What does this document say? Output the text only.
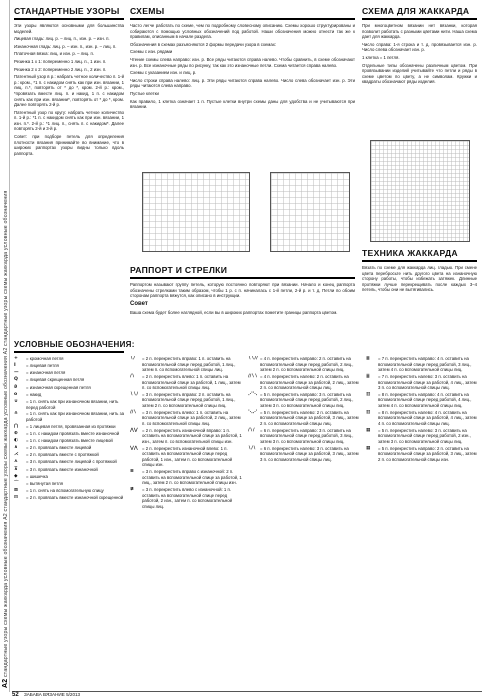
A2 стандартные узоры схемы жаккарда условные обозначения A2 стандартные узоры схемы жаккарда условные обозначения A2 стандартные узоры схемы жаккарда условные обозначения
СТАНДАРТНЫЕ УЗОРЫ

Эти узоры являются основными для большинства моделей.

Лицевая гладь: лиц. р. – лиц. п., изн. р. – изн. п.

Изнаночная гладь: лиц. р. – изн. п., изн. р. – лиц. п.

Платочная вязка: лиц. и изн. р. – лиц. п.

Резинка 1 х 1: попеременно 1 лиц. п., 1 изн. п.

Резинка 2 х 2: попеременно 2 лиц. п., 2 изн. п.

Патентный узор в р.: набрать четное количество п. 1-й р.: кром., *1 п. с накидом снять как при изн. вязании, 1 лиц. п.*, повторять от * до *, кром. 2-й р.: кром., *провязать вместе лиц. п. и накид, 1 п. с накидом снять как при изн. вязании*, повторять от * до *, кром. Далее повторять 2-й р.

Патентный узор по кругу: набрать четное количество п. 1-й р.: *1 п. с накидом снять как при изн. вязании, 1 изн. п.*. 2-й р.: *1 лиц. п., снять п. с накидом*. Далее повторять 2-й и 3-й р.

Совет: при подборе петель для определения плотности вязания принимайте во внимание, что в широких раппортах узоры видны только вдоль раппорта.

СХЕМЫ

Часто легче работать по схеме, чем по подробному словесному описанию. Схемы хорошо структурированы и собираются с помощью условных обозначений под работой. Наши обозначения можно отнести так же к правилам, описанным в начале раздела.

Обозначения в схемах разъясняются 2 формы передачи узора в схемах:

Схемы с изн. рядами

Чтение схемы слева направо: изн. р. Все ряды читаются справа налево. Чтобы сравнить, в схеме обозначают изн. р. Все изнаночные ряды по рисунку, так как это изнаночные петли. Схема читается справа налево.

Схемы с указанием изн. и лиц. р.

Число строки справа налево: лиц. р. Эти ряды читаются справа налево. Число слева обозначает изн. р. Эти ряды читаются слева направо.

Пустые клетки

Как правило, 1 клетка означает 1 п. Пустые клетки внутри схемы даны для удобства и не учитываются при вязании.

РАППОРТ И СТРЕЛКИ

Раппортом называют группу петель, которую постоянно повторяют при вязании. Начало и конец раппорта обозначены стрелками таким образом, чтобы 1 р. с п. начиналась с 1-й петли, 2-й р. и т. д. Петли по обоим сторонам раппорта вяжутся, как описано в инструкции.

Совет

Ваша схема будет более наглядной, если вы в широких раппортах пометите границы раппорта цветом.

СХЕМА ДЛЯ ЖАККАРДА

При многоцветном вязании нет вязанки, которая позволит работать с разными цветами нити. Наша схема дает для жаккарда.

Число справа: 1-я строка и т. д. провязывается изн. р. Число слева обозначает изн. р.

1 клетка = 1 петля.

Отдельные типы обозначены различным цветом. При провязывании изделий учитывайте что петли и ряды в схеме цветом по цвету, а не символам. Кружки и квадраты обозначают ряды изделия.

ТЕХНИКА ЖАККАРДА

Вязать по схеме для жаккарда лиц. гладью. При смене цвета перебросьте нить другого цвета на изнаночную сторону работы, чтобы избежать затяжек. Длинные протяжки лучше перекрещивать после каждых 3–4 петель, чтобы они не вытягивались.

УСЛОВНЫЕ ОБОЗНАЧЕНИЯ:
+	= кромочная петля
I	= лицевая петля
—	= изнаночная петля
Q	= лицевая скрещенная петля
ϑ	= изнаночная скрещенная петля
o	= накид
∪	= 1 п. снять как при изнаночном вязании, нить перед работой
∩	= 1 п. снять как при изнаночном вязании, нить за работой
⋂	= 1 лицевая петля, провязанная из протяжки
⊕	= 1 п. с накидом провязать вместе изнаночной
◐	= 1 п. с накидом провязать вместе лицевой
∧	= 2 п. провязать вместе лицевой
⋌	= 2 п. провязать вместе с протяжкой
⋏	= 3 п. провязать вместе лицевой с протяжкой
⊼	= 3 п. провязать вместе изнаночной
◆	= шишечка
⌒	= вытянутая петля
⊠	= 1 п. снять на вспомогательную спицу
⊟	= 2 п. провязать вместе изнаночной скрещенной
∖∕	= 2 п. перекрестить вправо: 1 п. оставить на вспомогательной спице перед работой, 1 лиц., затем п. со вспомогательной спицы лиц.
∕∖	= 2 п. перекрестить влево: 1 п. оставить на вспомогательной спице за работой, 1 лиц., затем п. со вспомогательной спицы лиц.
∖∖∕ = 3 п. перекрестить вправо: 2 п. оставить на вспомогательной спице перед работой, 1 лиц., затем 2 п. со вспомогательной спицы лиц.
∕∕∖	= 3 п. перекрестить влево: 1 п. оставить на вспомогательной спице за работой, 2 лиц., затем п. со вспомогательной спицы лиц.
⋀⋁ = 2 п. перекрестить изнаночной вправо: 1 п. оставить на вспомогательной спице за работой, 1 изн., затем п. со вспомогательной спицы изн.
⋁⋀ = 2 п. перекрестить изнаночной влево: 1 п. оставить на вспомогательной спице перед работой, 1 изн., затем п. со вспомогательной спицы изн.
≡	= 3 п. перекрестить вправо с изнаночной: 2 п. оставить на вспомогательной спице за работой, 1 лиц., затем 2 п. со вспомогательной спицы изн.
≢	= 3 п. перекрестить влево с изнаночной: 1 п. оставить на вспомогательной спице перед работой, 2 изн., затем п. со вспомогательной спицы лиц.
∖∖∕∕ = 4 п. перекрестить направо: 2 п. оставить на вспомогательной спице перед работой, 2 лиц., затем 2 п. со вспомогательной спицы лиц.
∕∕∖∖ = 4 п. перекрестить налево: 2 п. оставить на вспомогательной спице за работой, 2 лиц., затем 2 п. со вспомогательной спицы лиц.
⋰⋱ = 5 п. перекрестить направо: 3 п. оставить на вспомогательной спице перед работой, 2 лиц., затем 3 п. со вспомогательной спицы лиц.
⋱⋰ = 5 п. перекрестить налево: 2 п. оставить на вспомогательной спице за работой, 3 лиц., затем 2 п. со вспомогательной спицы лиц.
∕∖∕	= 6 п. перекрестить направо: 3 п. оставить на вспомогательной спице перед работой, 3 лиц., затем 3 п. со вспомогательной спицы лиц.
∖∕∖ = 6 п. перекрестить налево: 3 п. оставить на вспомогательной спице за работой, 3 лиц., затем 3 п. со вспомогательной спицы лиц.
≣	= 7 п. перекрестить направо: 4 п. оставить на вспомогательной спице перед работой, 3 лиц., затем 4 п. со вспомогательной спицы лиц.
≣	= 7 п. перекрестить налево: 3 п. оставить на вспомогательной спице за работой, 4 лиц., затем 3 п. со вспомогательной спицы лиц.
▥	= 8 п. перекрестить направо: 4 п. оставить на вспомогательной спице перед работой, 4 лиц., затем 4 п. со вспомогательной спицы лиц.
▥	= 8 п. перекрестить налево: 4 п. оставить на вспомогательной спице за работой, 4 лиц., затем 4 п. со вспомогательной спицы лиц.
▦	= 5 п. перекрестить налево: 3 п. оставить на вспомогательной спице перед работой, 2 изн., затем 3 п. со вспомогательной спицы лиц.
▦	= 5 п. перекрестить направо: 2 п. оставить на вспомогательной спице за работой, 3 лиц., затем 2 п. со вспомогательной спицы изн.
52 ЗАБАВА ВЯЗАНИЕ 5/2013
